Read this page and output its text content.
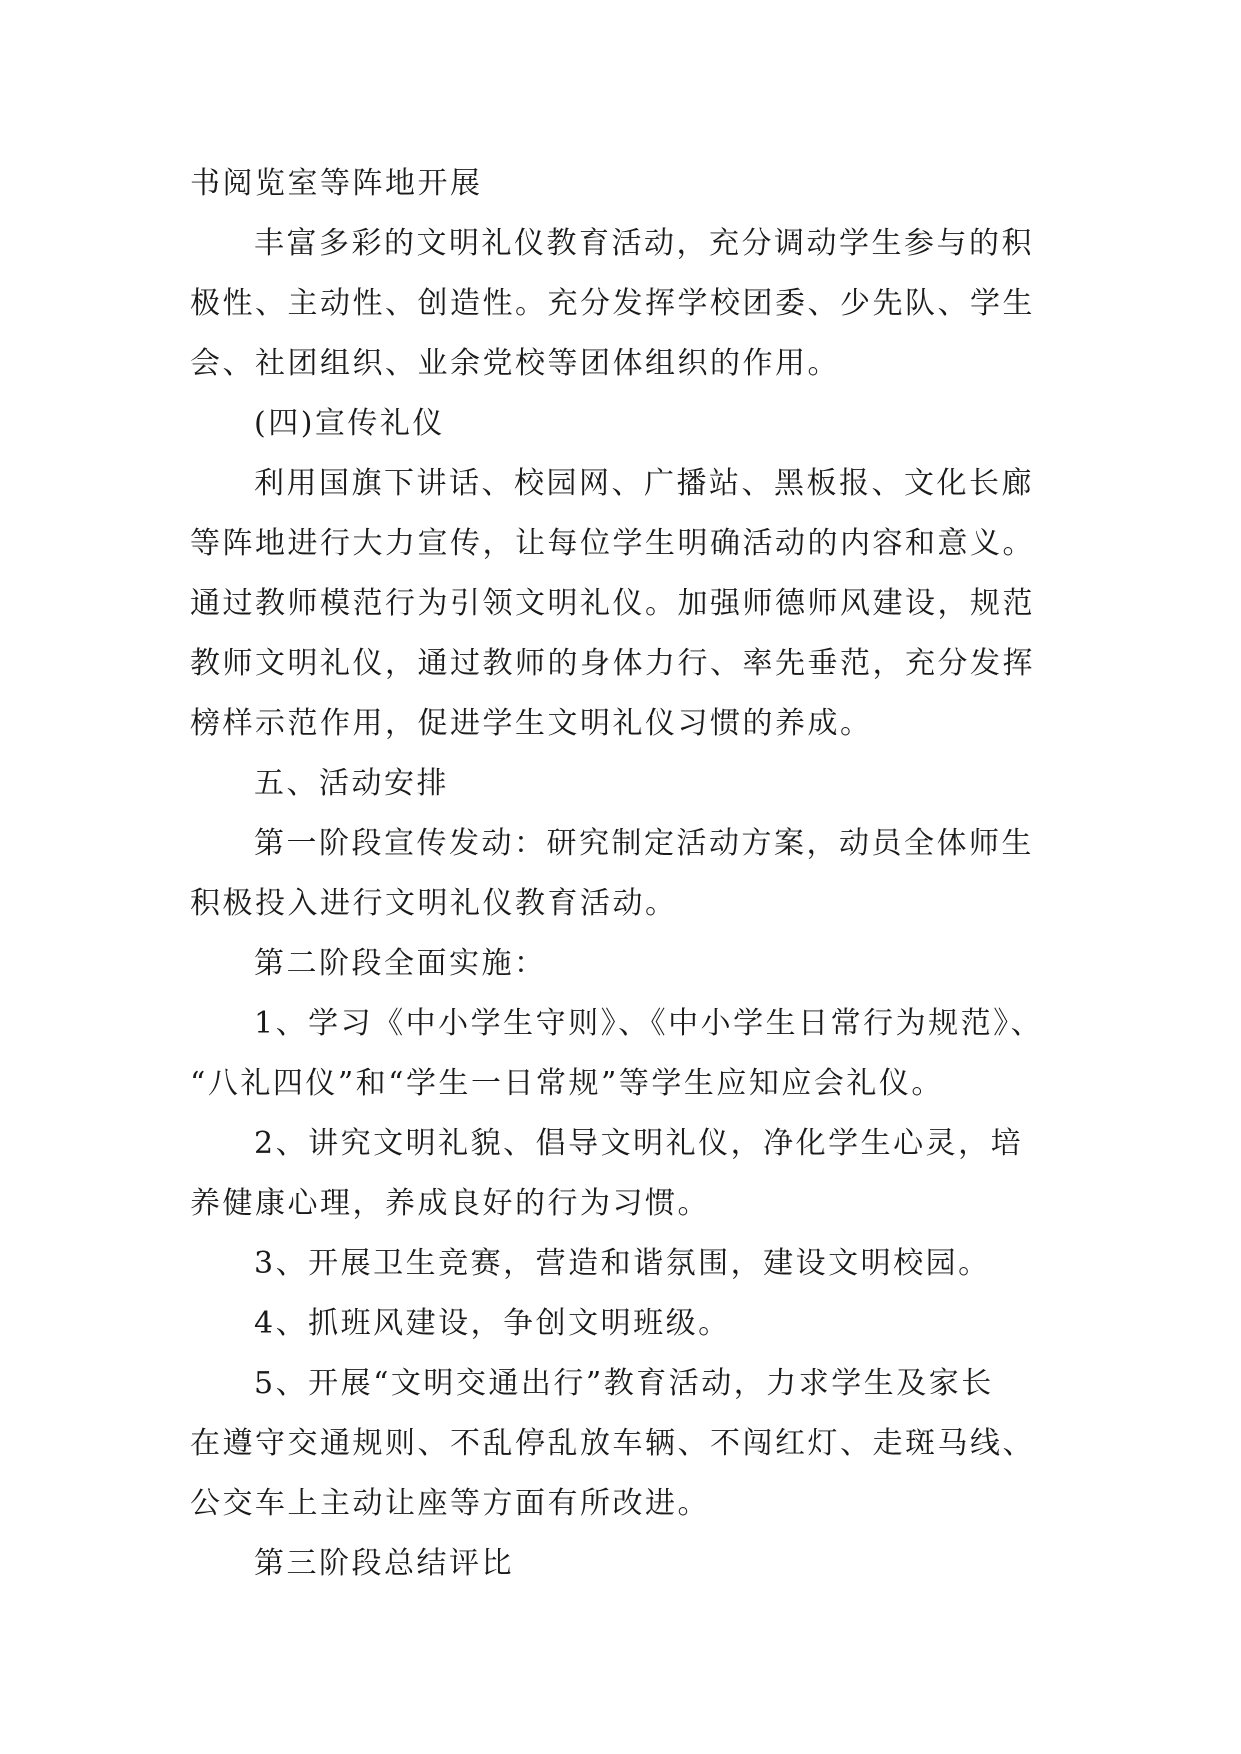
书阅览室等阵地开展

丰富多彩的文明礼仪教育活动，充分调动学生参与的积
极性、主动性、创造性。充分发挥学校团委、少先队、学生
会、社团组织、业余党校等团体组织的作用。

(四)宣传礼仪

利用国旗下讲话、校园网、广播站、黑板报、文化长廊
等阵地进行大力宣传，让每位学生明确活动的内容和意义。
通过教师模范行为引领文明礼仪。加强师德师风建设，规范
教师文明礼仪，通过教师的身体力行、率先垂范，充分发挥
榜样示范作用，促进学生文明礼仪习惯的养成。

五、活动安排

第一阶段宣传发动：研究制定活动方案，动员全体师生
积极投入进行文明礼仪教育活动。

第二阶段全面实施：

1、学习《中小学生守则》、《中小学生日常行为规范》、
“八礼四仪”和“学生一日常规”等学生应知应会礼仪。

2、讲究文明礼貌、倡导文明礼仪，净化学生心灵，培
养健康心理，养成良好的行为习惯。

3、开展卫生竞赛，营造和谐氛围，建设文明校园。

4、抓班风建设，争创文明班级。

5、开展“文明交通出行”教育活动，力求学生及家长
在遵守交通规则、不乱停乱放车辆、不闯红灯、走斑马线、
公交车上主动让座等方面有所改进。

第三阶段总结评比
